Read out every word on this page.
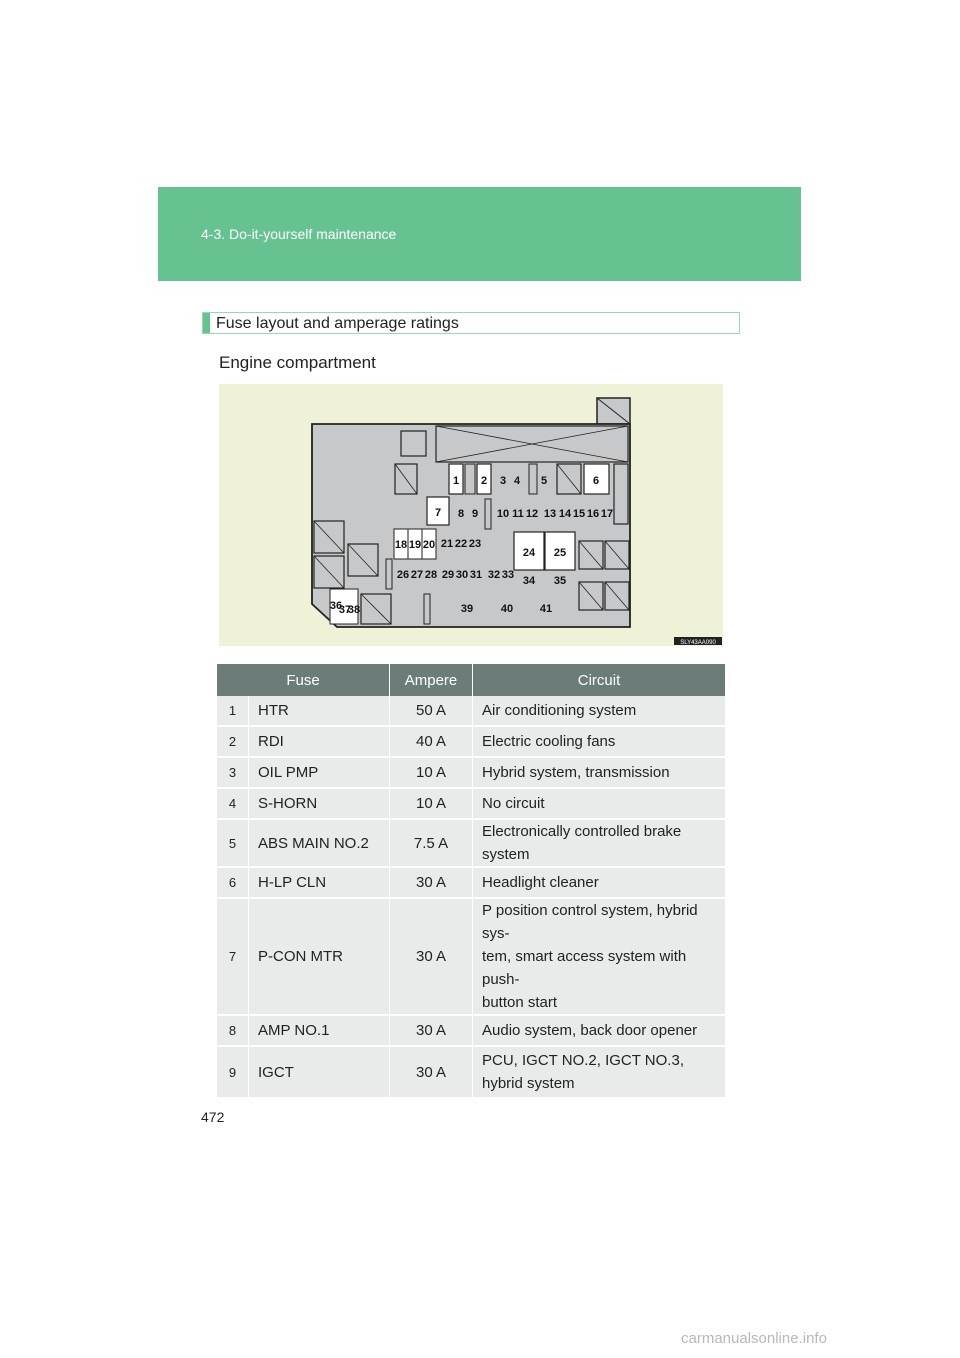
4-3. Do-it-yourself maintenance
Fuse layout and amperage ratings
Engine compartment
1 2 3 4 5	6
7 8 9 10 11 12 13 14 15 16 17
18 19 20 21 22 23
24 25
26 27 28 29 30 31 32 33 34 35
36
37
38	39	40 41
SLY43AA090
Fuse		Ampere	Circuit
1	HTR	50 A	Air conditioning system
2	RDI	40 A	Electric cooling fans
3	OIL PMP	10 A	Hybrid system, transmission
4	S-HORN	10 A	No circuit
5	ABS MAIN NO.2	7.5 A	Electronically controlled brake system
6	H-LP CLN	30 A	Headlight cleaner
7	P-CON MTR	30 A	P position control system, hybrid sys-
tem, smart access system with push-
button start

8	AMP NO.1	30 A	Audio system, back door opener
9	IGCT	30 A	PCU, IGCT NO.2, IGCT NO.3,
hybrid system
472
carmanualsonline.info
